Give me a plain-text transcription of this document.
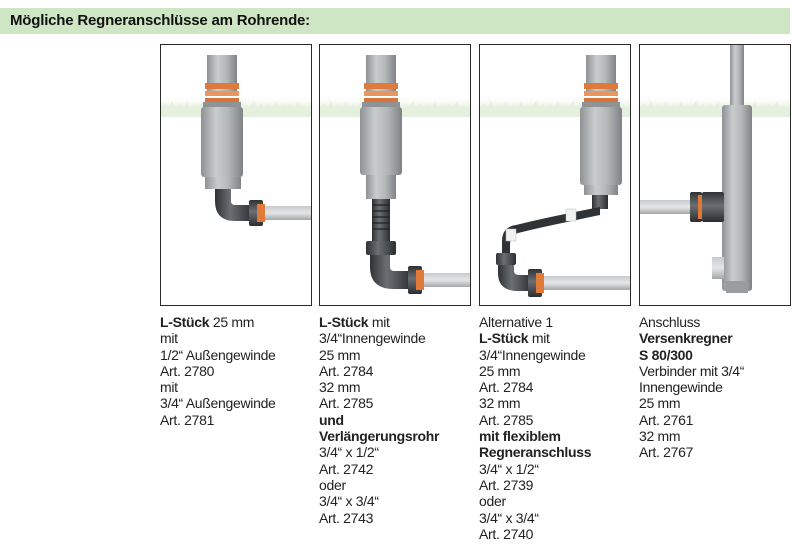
Mögliche Regneranschlüsse am Rohrende:
L-Stück 25 mm
mit
1/2“ Außengewinde
Art. 2780
mit
3/4“ Außengewinde
Art. 2781
L-Stück mit
3/4“Innengewinde
25 mm
Art. 2784
32 mm
Art. 2785
und
Verlängerungsrohr
3/4“ x 1/2“
Art. 2742
oder
3/4“ x 3/4“
Art. 2743
Alternative 1
L-Stück mit
3/4“Innengewinde
25 mm
Art. 2784
32 mm
Art. 2785
mit flexiblem
Regneranschluss
3/4“ x 1/2“
Art. 2739
oder
3/4“ x 3/4“
Art. 2740
Anschluss
Versenkregner
S 80/300
Verbinder mit 3/4“
Innengewinde
25 mm
Art. 2761
32 mm
Art. 2767
